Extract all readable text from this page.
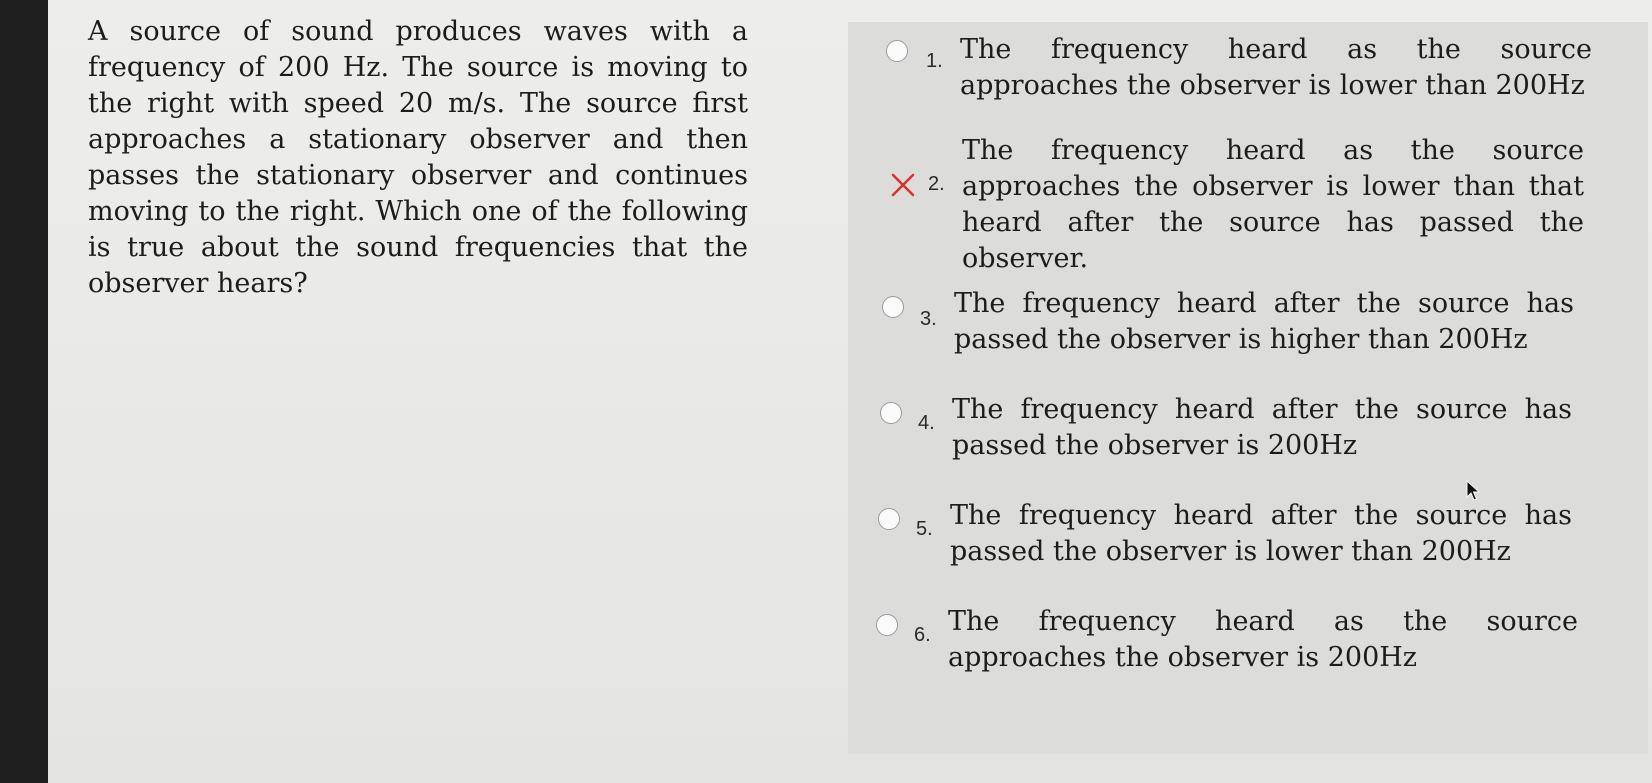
A source of sound produces waves with a frequency of 200 Hz. The source is moving to the right with speed 20 m/s. The source first approaches a stationary observer and then passes the stationary observer and continues moving to the right. Which one of the following is true about the sound frequencies that the observer hears?

1. The frequency heard as the source approaches the observer is lower than 200Hz

2.

The frequency heard as the source approaches the observer is lower than that heard after the source has passed the observer.

3. The frequency heard after the source has passed the observer is higher than 200Hz

4. The frequency heard after the source has passed the observer is 200Hz

5. The frequency heard after the source has passed the observer is lower than 200Hz

6. The frequency heard as the source approaches the observer is 200Hz
